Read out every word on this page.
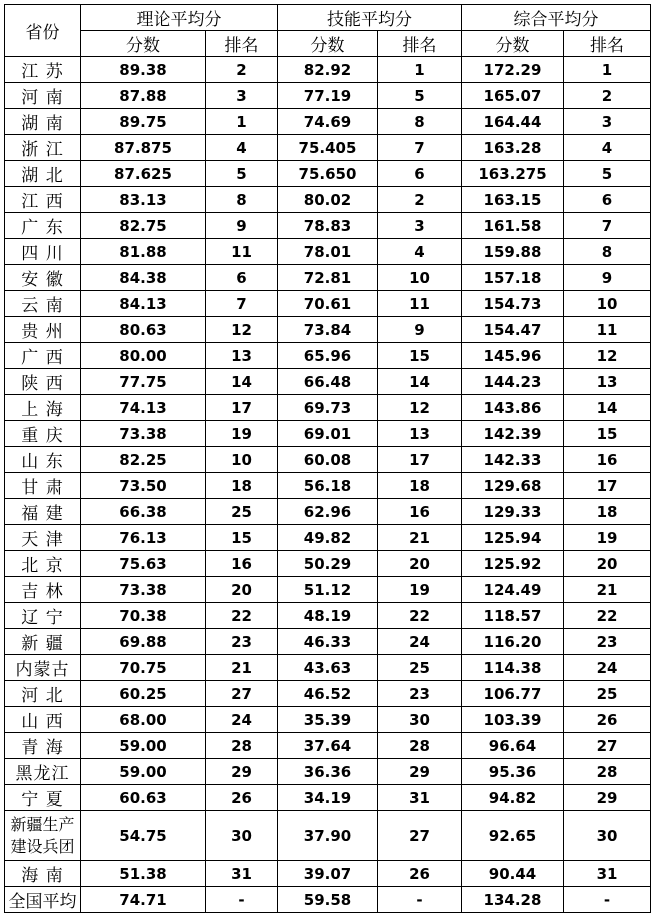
省份	理论平均分		技能平均分		综合平均分	
	分数	排名	分数	排名	分数	排名
江 苏	89.38	2	82.92	1	172.29	1
河 南	87.88	3	77.19	5	165.07	2
湖 南	89.75	1	74.69	8	164.44	3
浙 江	87.875	4	75.405	7	163.28	4
湖 北	87.625	5	75.650	6	163.275	5
江 西	83.13	8	80.02	2	163.15	6
广 东	82.75	9	78.83	3	161.58	7
四 川	81.88	11	78.01	4	159.88	8
安 徽	84.38	6	72.81	10	157.18	9
云 南	84.13	7	70.61	11	154.73	10
贵 州	80.63	12	73.84	9	154.47	11
广 西	80.00	13	65.96	15	145.96	12
陕 西	77.75	14	66.48	14	144.23	13
上 海	74.13	17	69.73	12	143.86	14
重 庆	73.38	19	69.01	13	142.39	15
山 东	82.25	10	60.08	17	142.33	16
甘 肃	73.50	18	56.18	18	129.68	17
福 建	66.38	25	62.96	16	129.33	18
天 津	76.13	15	49.82	21	125.94	19
北 京	75.63	16	50.29	20	125.92	20
吉 林	73.38	20	51.12	19	124.49	21
辽 宁	70.38	22	48.19	22	118.57	22
新 疆	69.88	23	46.33	24	116.20	23
内蒙古	70.75	21	43.63	25	114.38	24
河 北	60.25	27	46.52	23	106.77	25
山 西	68.00	24	35.39	30	103.39	26
青 海	59.00	28	37.64	28	96.64	27
黑龙江	59.00	29	36.36	29	95.36	28
宁 夏	60.63	26	34.19	31	94.82	29
新疆生产建设兵团	54.75	30	37.90	27	92.65	30
海 南	51.38	31	39.07	26	90.44	31
全国平均	74.71	-	59.58	-	134.28	-
